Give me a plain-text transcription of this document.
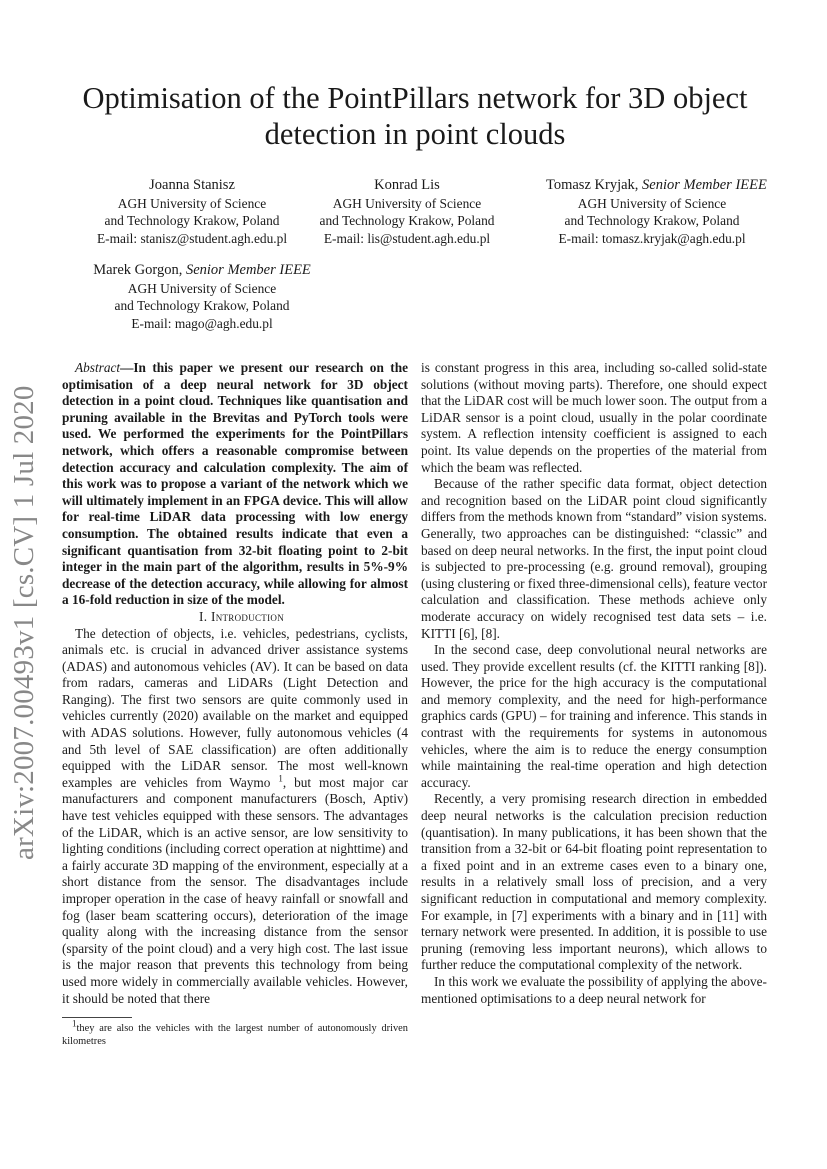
Optimisation of the PointPillars network for 3D object detection in point clouds
Joanna Stanisz
AGH University of Science
and Technology Krakow, Poland
E-mail: stanisz@student.agh.edu.pl
Konrad Lis
AGH University of Science
and Technology Krakow, Poland
E-mail: lis@student.agh.edu.pl
Tomasz Kryjak, Senior Member IEEE
AGH University of Science
and Technology Krakow, Poland
E-mail: tomasz.kryjak@agh.edu.pl
Marek Gorgon, Senior Member IEEE
AGH University of Science
and Technology Krakow, Poland
E-mail: mago@agh.edu.pl
arXiv:2007.00493v1 [cs.CV] 1 Jul 2020

Abstract—In this paper we present our research on the optimisation of a deep neural network for 3D object detection in a point cloud. Techniques like quantisation and pruning available in the Brevitas and PyTorch tools were used. We performed the experiments for the PointPillars network, which offers a reasonable compromise between detection accuracy and calculation complexity. The aim of this work was to propose a variant of the network which we will ultimately implement in an FPGA device. This will allow for real-time LiDAR data processing with low energy consumption. The obtained results indicate that even a significant quantisation from 32-bit floating point to 2-bit integer in the main part of the algorithm, results in 5%-9% decrease of the detection accuracy, while allowing for almost a 16-fold reduction in size of the model.

I. Introduction

The detection of objects, i.e. vehicles, pedestrians, cyclists, animals etc. is crucial in advanced driver assistance systems (ADAS) and autonomous vehicles (AV). It can be based on data from radars, cameras and LiDARs (Light Detection and Ranging). The first two sensors are quite commonly used in vehicles currently (2020) available on the market and equipped with ADAS solutions. However, fully autonomous vehicles (4 and 5th level of SAE classification) are often additionally equipped with the LiDAR sensor. The most well-known examples are vehicles from Waymo $^1$, but most major car manufacturers and component manufacturers (Bosch, Aptiv) have test vehicles equipped with these sensors. The advantages of the LiDAR, which is an active sensor, are low sensitivity to lighting conditions (including correct operation at nighttime) and a fairly accurate 3D mapping of the environment, especially at a short distance from the sensor. The disadvantages include improper operation in the case of heavy rainfall or snowfall and fog (laser beam scattering occurs), deterioration of the image quality along with the increasing distance from the sensor (sparsity of the point cloud) and a very high cost. The last issue is the major reason that prevents this technology from being used more widely in commercially available vehicles. However, it should be noted that there

$^1$they are also the vehicles with the largest number of autonomously driven kilometres

is constant progress in this area, including so-called solid-state solutions (without moving parts). Therefore, one should expect that the LiDAR cost will be much lower soon. The output from a LiDAR sensor is a point cloud, usually in the polar coordinate system. A reflection intensity coefficient is assigned to each point. Its value depends on the properties of the material from which the beam was reflected.

Because of the rather specific data format, object detection and recognition based on the LiDAR point cloud significantly differs from the methods known from “standard” vision systems. Generally, two approaches can be distinguished: “classic” and based on deep neural networks. In the first, the input point cloud is subjected to pre-processing (e.g. ground removal), grouping (using clustering or fixed three-dimensional cells), feature vector calculation and classification. These methods achieve only moderate accuracy on widely recognised test data sets – i.e. KITTI [6], [8].

In the second case, deep convolutional neural networks are used. They provide excellent results (cf. the KITTI ranking [8]). However, the price for the high accuracy is the computational and memory complexity, and the need for high-performance graphics cards (GPU) – for training and inference. This stands in contrast with the requirements for systems in autonomous vehicles, where the aim is to reduce the energy consumption while maintaining the real-time operation and high detection accuracy.

Recently, a very promising research direction in embedded deep neural networks is the calculation precision reduction (quantisation). In many publications, it has been shown that the transition from a 32-bit or 64-bit floating point representation to a fixed point and in an extreme cases even to a binary one, results in a relatively small loss of precision, and a very significant reduction in computational and memory complexity. For example, in [7] experiments with a binary and in [11] with ternary network were presented. In addition, it is possible to use pruning (removing less important neurons), which allows to further reduce the computational complexity of the network.

In this work we evaluate the possibility of applying the above-mentioned optimisations to a deep neural network for
